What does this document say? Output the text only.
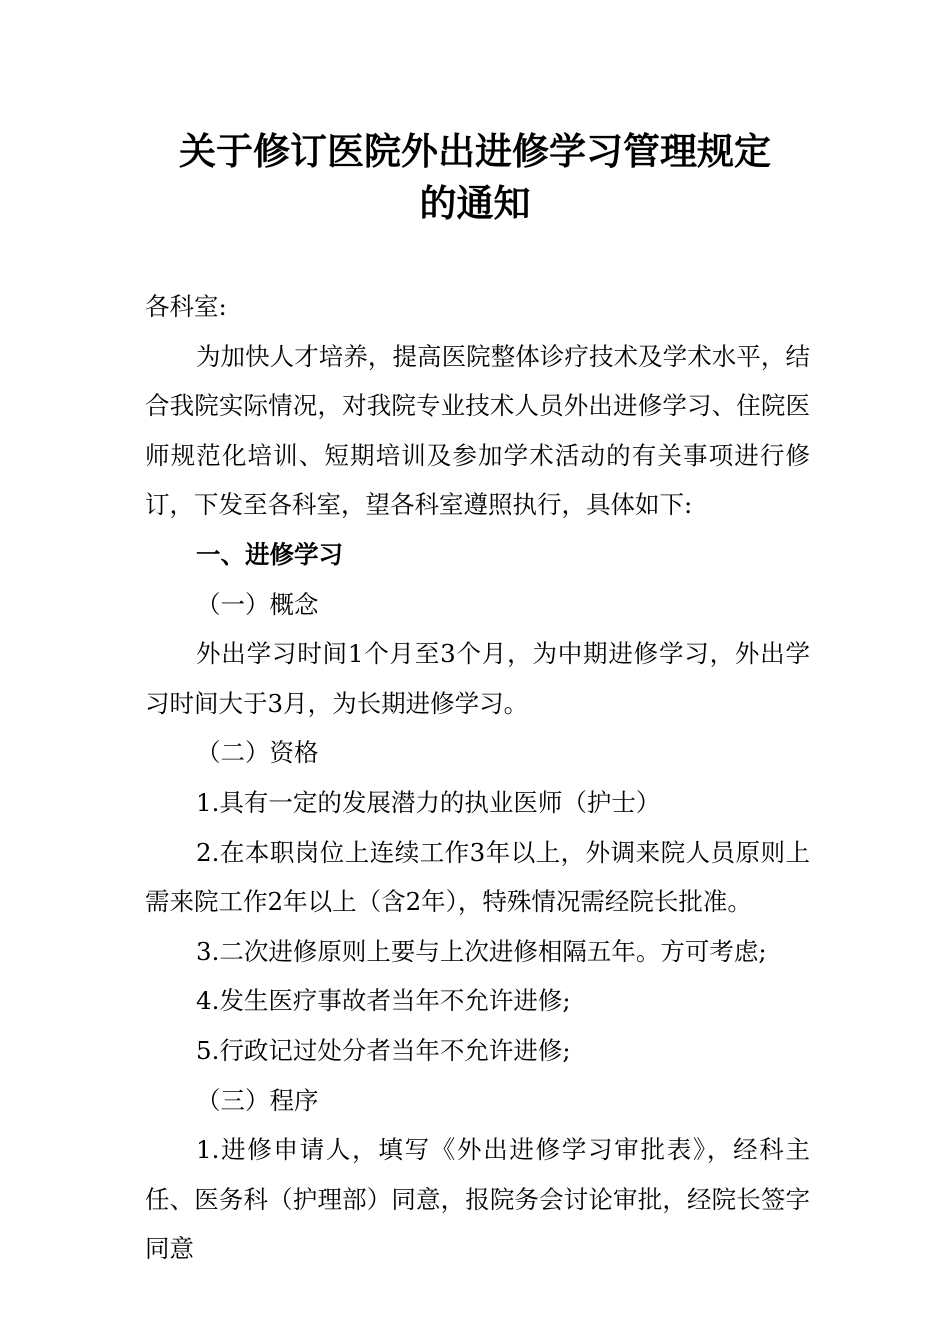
关于修订医院外出进修学习管理规定
的通知

各科室:

为加快人才培养，提高医院整体诊疗技术及学术水平，结合我院实际情况，对我院专业技术人员外出进修学习、住院医师规范化培训、短期培训及参加学术活动的有关事项进行修订，下发至各科室，望各科室遵照执行，具体如下:

一、进修学习

（一）概念

外出学习时间1个月至3个月，为中期进修学习，外出学习时间大于3月，为长期进修学习。

（二）资格

1.具有一定的发展潜力的执业医师（护士）

2.在本职岗位上连续工作3年以上，外调来院人员原则上需来院工作2年以上（含2年），特殊情况需经院长批准。

3.二次进修原则上要与上次进修相隔五年。方可考虑;

4.发生医疗事故者当年不允许进修;

5.行政记过处分者当年不允许进修;

（三）程序

1.进修申请人，填写《外出进修学习审批表》，经科主任、医务科（护理部）同意，报院务会讨论审批，经院长签字同意
